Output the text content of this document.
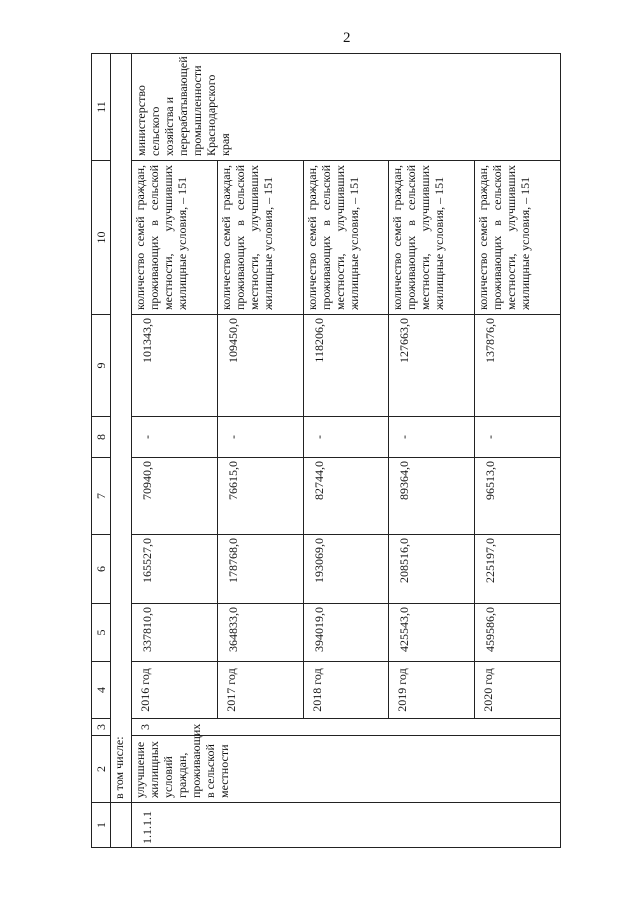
2
1	2	3	4	5	6	7	8	9	10	11
	в том числе:									
1.1.1.1	улучшение жилищных условий граждан, проживающих в сельской местности	3	2016 год	337810,0	165527,0	70940,0	-	101343,0	количество семей граждан, проживающих в сельской местности, улучшивших жилищные условия, – 151	министерство сельского хозяйства и перерабатывающей промышленности Краснодарского края
			2017 год	364833,0	178768,0	76615,0	-	109450,0	количество семей граждан, проживающих в сельской местности, улучшивших жилищные условия, – 151	
			2018 год	394019,0	193069,0	82744,0	-	118206,0	количество семей граждан, проживающих в сельской местности, улучшивших жилищные условия, – 151	
			2019 год	425543,0	208516,0	89364,0	-	127663,0	количество семей граждан, проживающих в сельской местности, улучшивших жилищные условия, – 151	
			2020 год	459586,0	225197,0	96513,0	-	137876,0	количество семей граждан, проживающих в сельской местности, улучшивших жилищные условия, – 151	
